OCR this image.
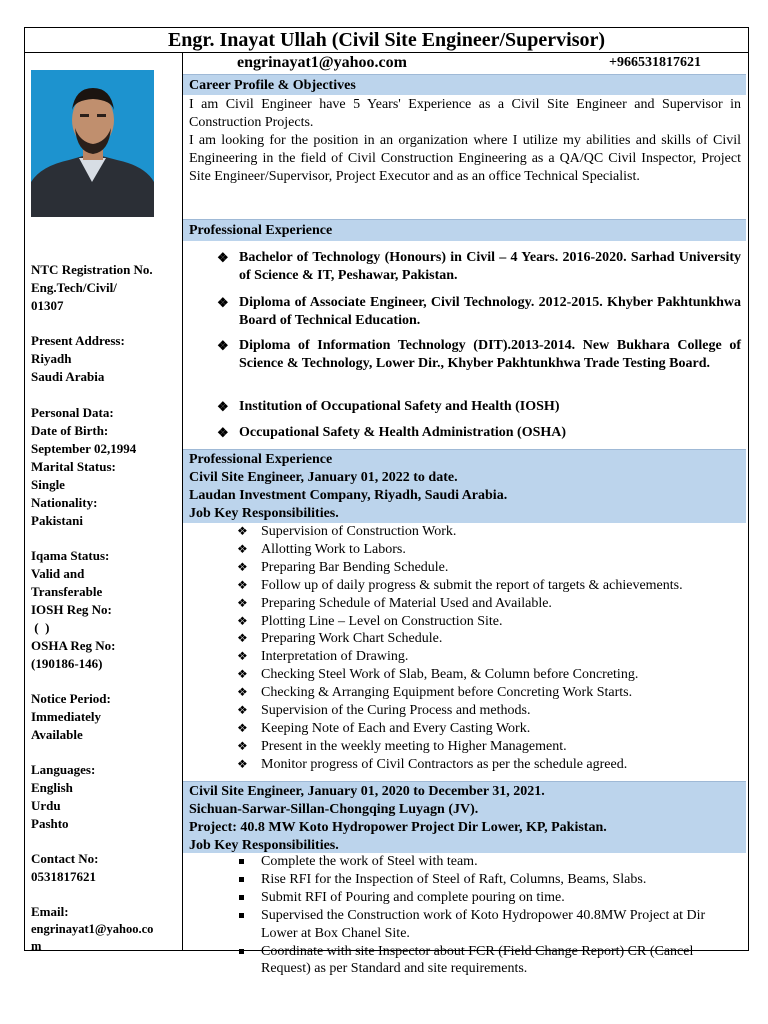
Engr. Inayat Ullah (Civil Site Engineer/Supervisor)
NTC Registration No.
Eng.Tech/Civil/
01307
Present Address:
Riyadh
Saudi Arabia
Personal Data:
Date of Birth:
September 02,1994
Marital Status:
Single
Nationality:
Pakistani
Iqama Status:
Valid and
Transferable
IOSH Reg No:
(  )
OSHA Reg No:
(190186-146)
Notice Period:
Immediately
Available
Languages:
English
Urdu
Pashto
Contact No:
0531817621
Email:
engrinayat1@yahoo.co
m
engrinayat1@yahoo.com	+966531817621
Career Profile & Objectives
I am Civil Engineer have 5 Years' Experience as a Civil Site Engineer and Supervisor in Construction Projects.
I am looking for the position in an organization where I utilize my abilities and skills of Civil Engineering in the field of Civil Construction Engineering as a QA/QC Civil Inspector, Project Site Engineer/Supervisor, Project Executor and as an office Technical Specialist.
Professional Experience
❖ Bachelor of Technology (Honours) in Civil – 4 Years. 2016-2020. Sarhad University of Science & IT, Peshawar, Pakistan.
❖ Diploma of Associate Engineer, Civil Technology. 2012-2015. Khyber Pakhtunkhwa Board of Technical Education.
❖ Diploma of Information Technology (DIT).2013-2014. New Bukhara College of Science & Technology, Lower Dir., Khyber Pakhtunkhwa Trade Testing Board.
❖ Institution of Occupational Safety and Health (IOSH)
❖ Occupational Safety & Health Administration (OSHA)
Professional Experience
Civil Site Engineer, January 01, 2022 to date.
Laudan Investment Company, Riyadh, Saudi Arabia.
Job Key Responsibilities.
❖ Supervision of Construction Work.
❖ Allotting Work to Labors.
❖ Preparing Bar Bending Schedule.
❖ Follow up of daily progress & submit the report of targets & achievements.
❖ Preparing Schedule of Material Used and Available.
❖ Plotting Line – Level on Construction Site.
❖ Preparing Work Chart Schedule.
❖ Interpretation of Drawing.
❖ Checking Steel Work of Slab, Beam, & Column before Concreting.
❖ Checking & Arranging Equipment before Concreting Work Starts.
❖ Supervision of the Curing Process and methods.
❖ Keeping Note of Each and Every Casting Work.
❖ Present in the weekly meeting to Higher Management.
❖ Monitor progress of Civil Contractors as per the schedule agreed.
Civil Site Engineer, January 01, 2020 to December 31, 2021.
Sichuan-Sarwar-Sillan-Chongqing Luyagn (JV).
Project: 40.8 MW Koto Hydropower Project Dir Lower, KP, Pakistan.
Job Key Responsibilities.
Complete the work of Steel with team.
Rise RFI for the Inspection of Steel of Raft, Columns, Beams, Slabs.
Submit RFI of Pouring and complete pouring on time.
Supervised the Construction work of Koto Hydropower 40.8MW Project at Dir Lower at Box Chanel Site.
Coordinate with site Inspector about FCR (Field Change Report) CR (Cancel Request) as per Standard and site requirements.
